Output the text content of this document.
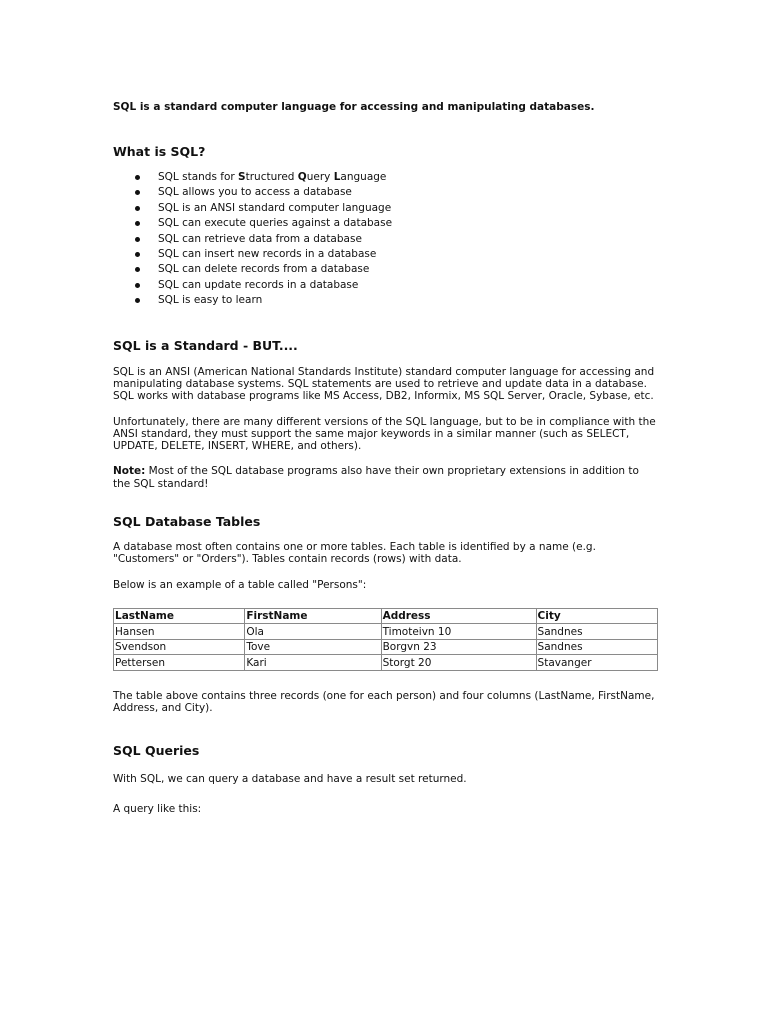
SQL is a standard computer language for accessing and manipulating databases.

What is SQL?
SQL stands for Structured Query Language
SQL allows you to access a database
SQL is an ANSI standard computer language
SQL can execute queries against a database
SQL can retrieve data from a database
SQL can insert new records in a database
SQL can delete records from a database
SQL can update records in a database
SQL is easy to learn
SQL is a Standard - BUT....

SQL is an ANSI (American National Standards Institute) standard computer language for accessing and manipulating database systems. SQL statements are used to retrieve and update data in a database. SQL works with database programs like MS Access, DB2, Informix, MS SQL Server, Oracle, Sybase, etc.

Unfortunately, there are many different versions of the SQL language, but to be in compliance with the ANSI standard, they must support the same major keywords in a similar manner (such as SELECT, UPDATE, DELETE, INSERT, WHERE, and others).

Note: Most of the SQL database programs also have their own proprietary extensions in addition to the SQL standard!

SQL Database Tables

A database most often contains one or more tables. Each table is identified by a name (e.g. "Customers" or "Orders"). Tables contain records (rows) with data.

Below is an example of a table called "Persons":

LastName	FirstName	Address	City
Hansen	Ola	Timoteivn 10	Sandnes
Svendson	Tove	Borgvn 23	Sandnes
Pettersen	Kari	Storgt 20	Stavanger

The table above contains three records (one for each person) and four columns (LastName, FirstName, Address, and City).

SQL Queries

With SQL, we can query a database and have a result set returned.

A query like this:
